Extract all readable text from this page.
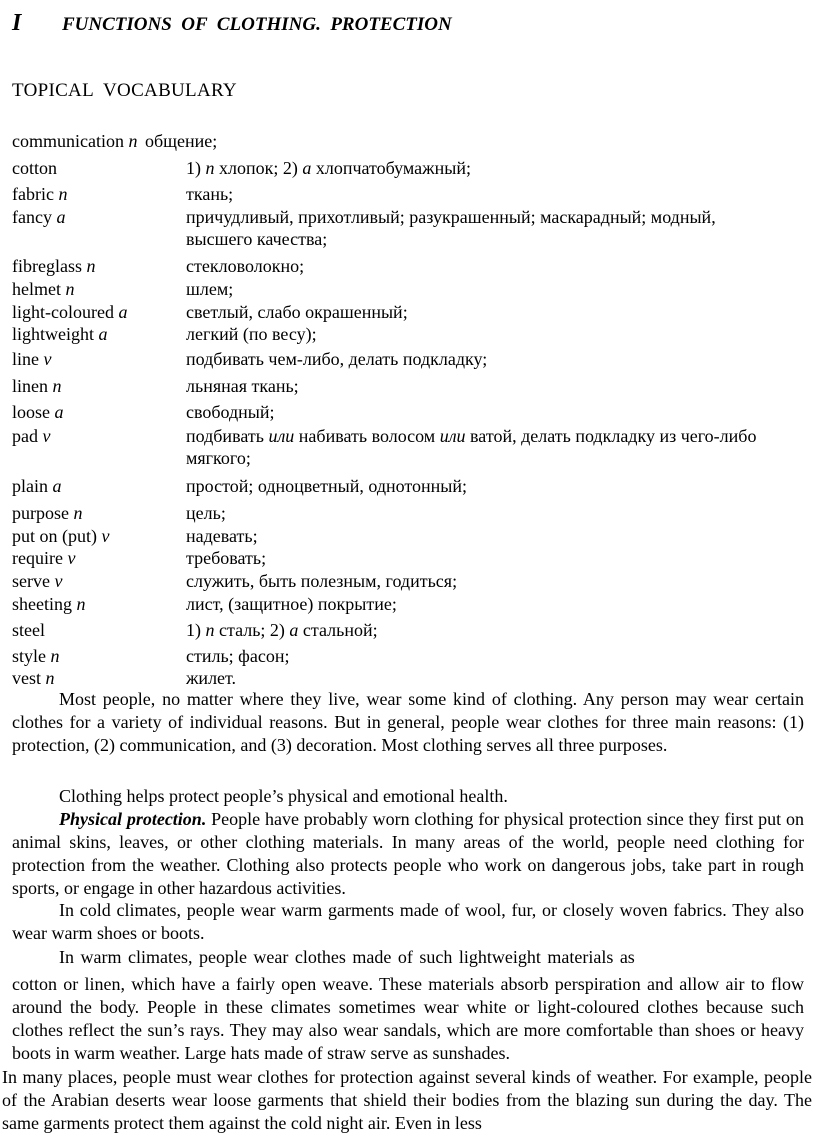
I FUNCTIONS  OF  CLOTHING.  PROTECTION
TOPICAL  VOCABULARY
communication n общение;
cotton	1) n хлопок; 2) a хлопчатобумажный;
fabric n	ткань;
fancy a	причудливый, прихотливый; разукрашенный; маскарадный; модный, высшего качества;
fibreglass n	стекловолокно;
helmet n	шлем;
light-coloured a	светлый, слабо окрашенный;
lightweight a	легкий (по весу);
line v	подбивать чем-либо, делать подкладку;
linen n	льняная ткань;
loose a	свободный;
pad v	подбивать или набивать волосом или ватой, делать подкладку из чего-либо мягкого;
plain a	простой; одноцветный, однотонный;
purpose n	цель;
put on (put) v	надевать;
require v	требовать;
serve v	служить, быть полезным, годиться;
sheeting n	лист, (защитное) покрытие;
steel	1) n сталь; 2) a стальной;
style n	стиль; фасон;
vest n	жилет.

Most people, no matter where they live, wear some kind of clothing. Any person may wear certain clothes for a variety of individual reasons. But in general, people wear clothes for three main reasons: (1) protection, (2) communication, and (3) decoration. Most clothing serves all three purposes.

Clothing helps protect people’s physical and emotional health.

Physical protection. People have probably worn clothing for physical protection since they first put on animal skins, leaves, or other clothing materials. In many areas of the world, people need clothing for protection from the weather. Clothing also protects people who work on dangerous jobs, take part in rough sports, or engage in other hazardous activities.

In cold climates, people wear warm garments made of wool, fur, or closely woven fabrics. They also wear warm shoes or boots.

In warm climates, people wear clothes made of such lightweight materials as

cotton or linen, which have a fairly open weave. These materials absorb perspiration and allow air to flow around the body. People in these climates sometimes wear white or light-coloured clothes because such clothes reflect the sun’s rays. They may also wear sandals, which are more comfortable than shoes or heavy boots in warm weather. Large hats made of straw serve as sunshades.

In many places, people must wear clothes for protection against several kinds of weather. For example, people of the Arabian deserts wear loose garments that shield their bodies from the blazing sun during the day. The same garments protect them against the cold night air. Even in less
